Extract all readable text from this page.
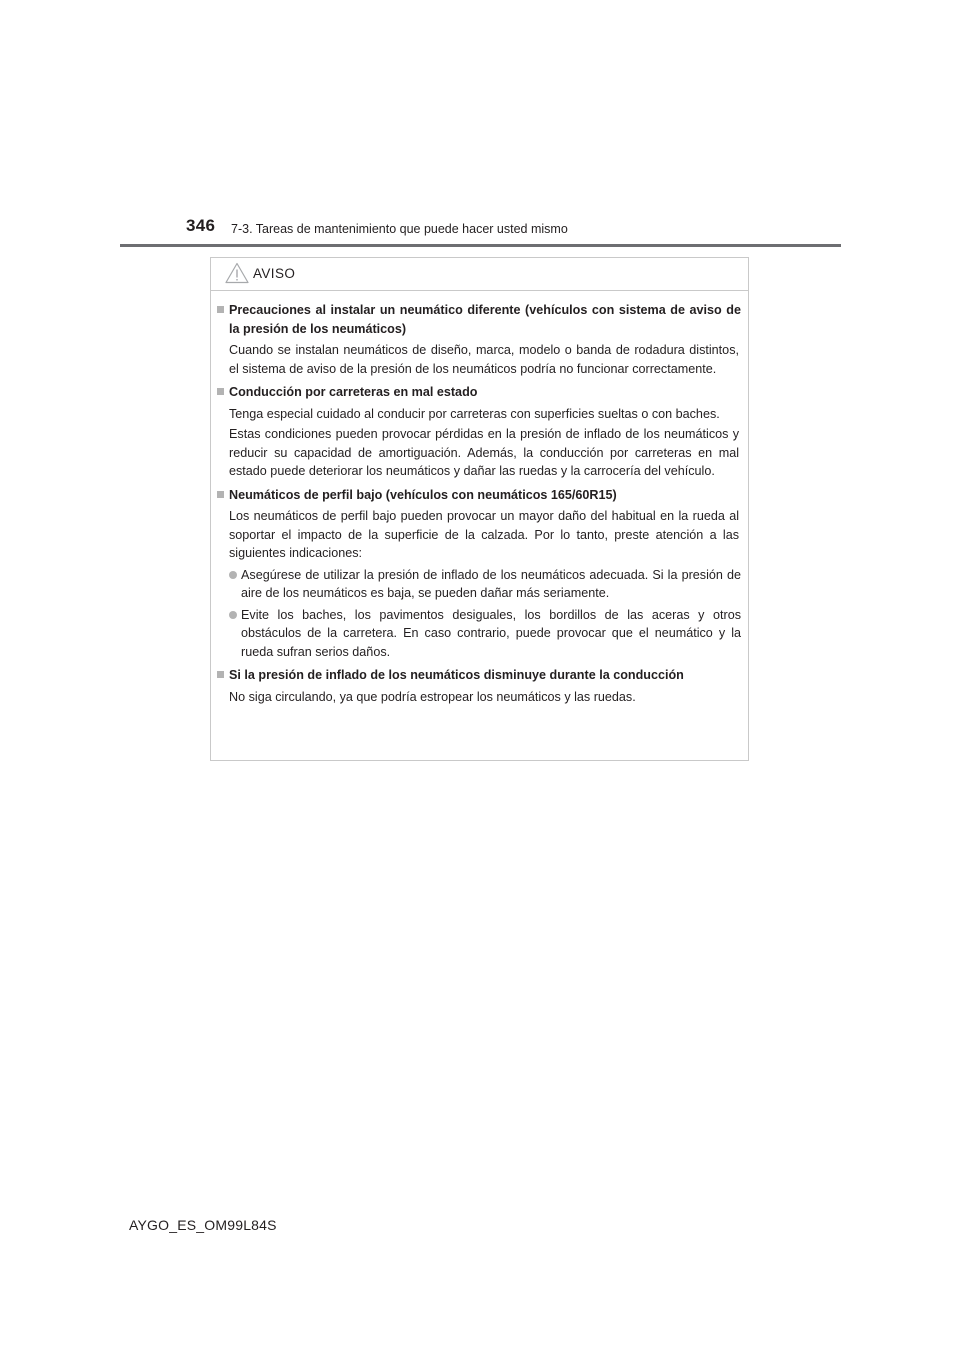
346 7-3. Tareas de mantenimiento que puede hacer usted mismo
AVISO
Precauciones al instalar un neumático diferente (vehículos con sistema de aviso de la presión de los neumáticos)
Cuando se instalan neumáticos de diseño, marca, modelo o banda de rodadura distintos, el sistema de aviso de la presión de los neumáticos podría no funcionar correctamente.
Conducción por carreteras en mal estado
Tenga especial cuidado al conducir por carreteras con superficies sueltas o con baches.
Estas condiciones pueden provocar pérdidas en la presión de inflado de los neumáticos y reducir su capacidad de amortiguación. Además, la conducción por carreteras en mal estado puede deteriorar los neumáticos y dañar las ruedas y la carrocería del vehículo.
Neumáticos de perfil bajo (vehículos con neumáticos 165/60R15)
Los neumáticos de perfil bajo pueden provocar un mayor daño del habitual en la rueda al soportar el impacto de la superficie de la calzada. Por lo tanto, preste atención a las siguientes indicaciones:
Asegúrese de utilizar la presión de inflado de los neumáticos adecuada. Si la presión de aire de los neumáticos es baja, se pueden dañar más seriamente.
Evite los baches, los pavimentos desiguales, los bordillos de las aceras y otros obstáculos de la carretera. En caso contrario, puede provocar que el neumático y la rueda sufran serios daños.
Si la presión de inflado de los neumáticos disminuye durante la conducción
No siga circulando, ya que podría estropear los neumáticos y las ruedas.
AYGO_ES_OM99L84S
